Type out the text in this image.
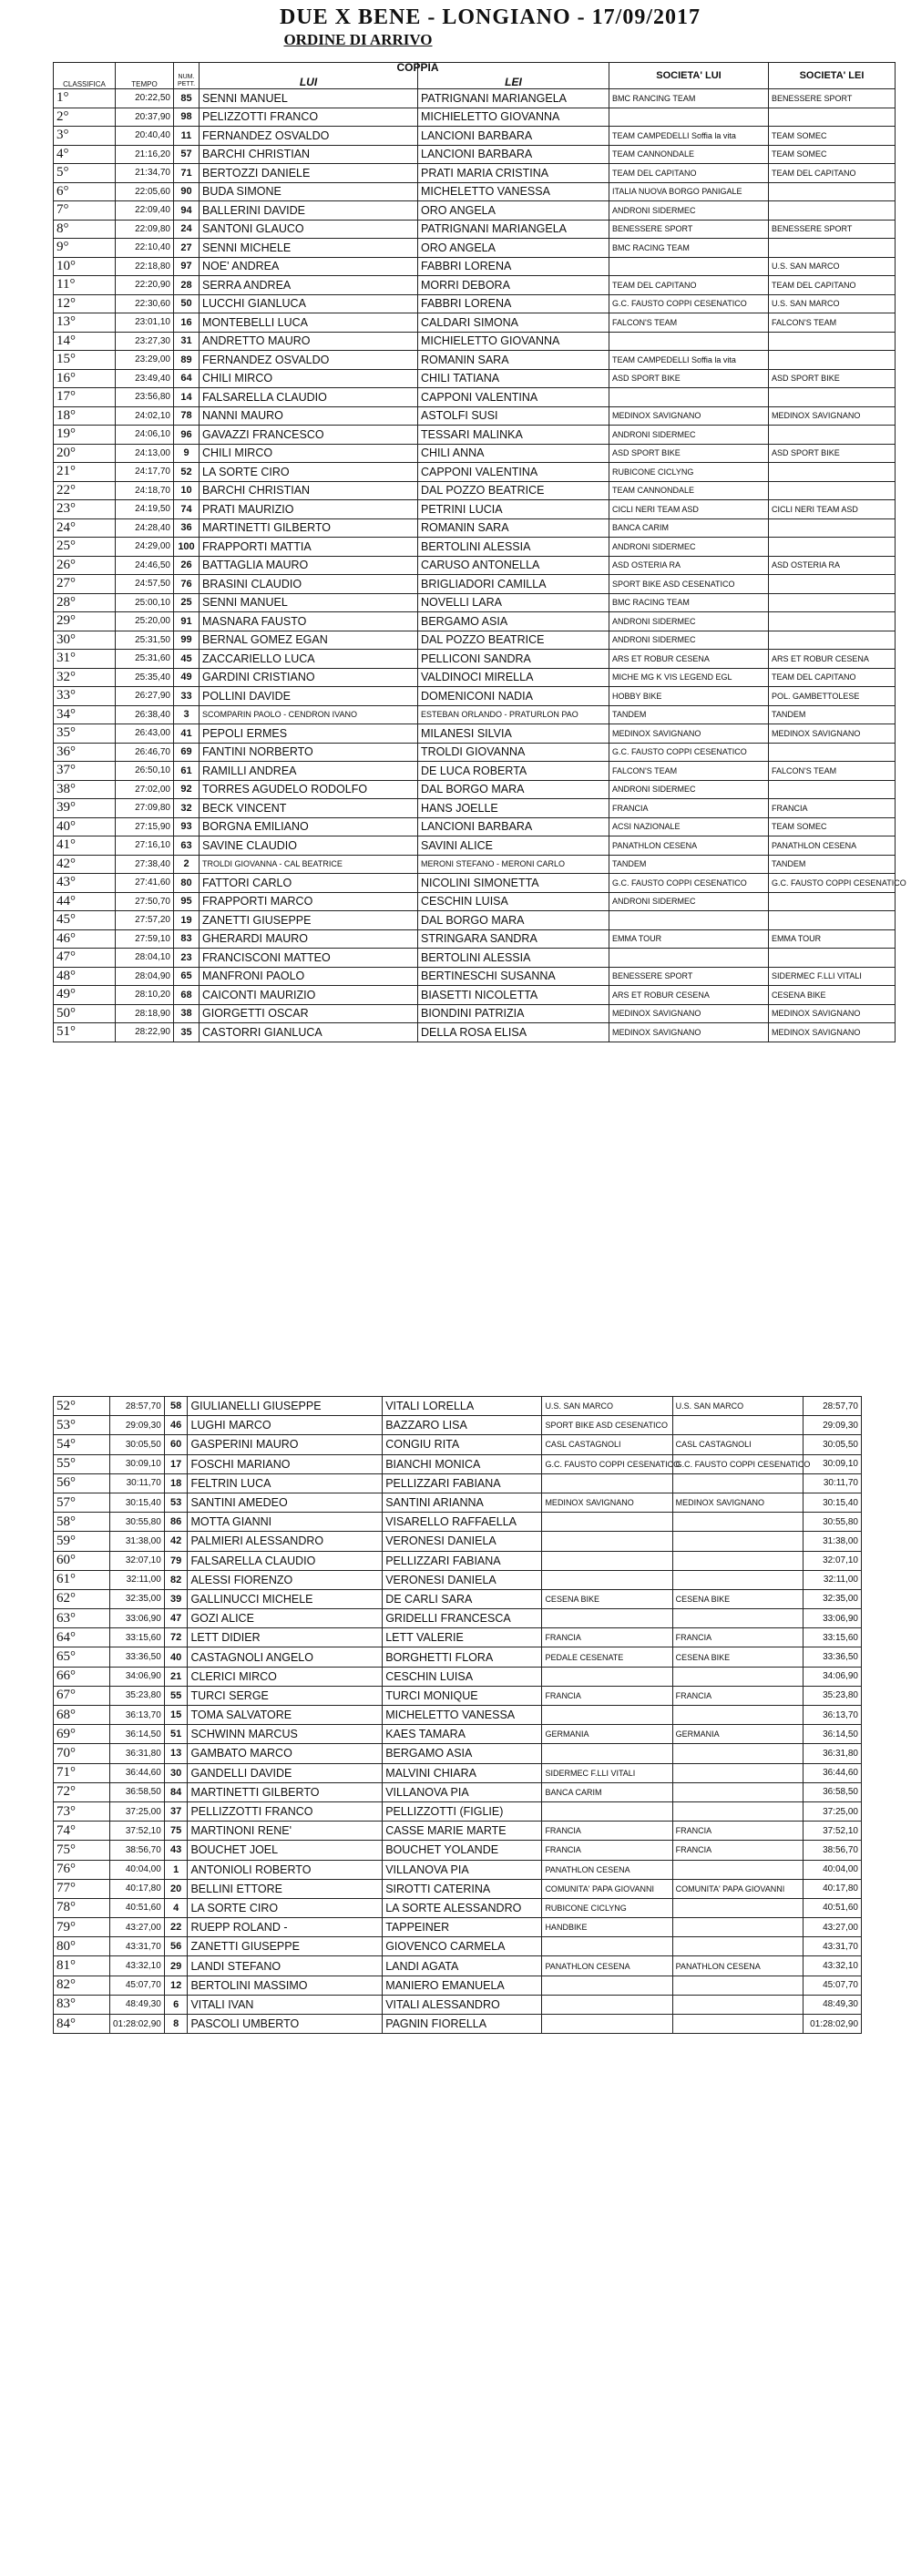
DUE X BENE - LONGIANO - 17/09/2017
ORDINE DI ARRIVO
CLASSIFICA	TEMPO	NUM. PETT.	COPPIA
LUI	LEI	SOCIETA' LUI	SOCIETA' LEI
1°	20:22,50	85	SENNI MANUEL	PATRIGNANI MARIANGELA	BMC RANCING TEAM	BENESSERE SPORT
2°	20:37,90	98	PELIZZOTTI FRANCO	MICHIELETTO GIOVANNA		
3°	20:40,40	11	FERNANDEZ OSVALDO	LANCIONI BARBARA	TEAM CAMPEDELLI Soffia la vita	TEAM SOMEC
4°	21:16,20	57	BARCHI CHRISTIAN	LANCIONI BARBARA	TEAM CANNONDALE	TEAM SOMEC
5°	21:34,70	71	BERTOZZI DANIELE	PRATI MARIA CRISTINA	TEAM DEL CAPITANO	TEAM DEL CAPITANO
6°	22:05,60	90	BUDA SIMONE	MICHELETTO VANESSA	ITALIA NUOVA BORGO PANIGALE	
7°	22:09,40	94	BALLERINI DAVIDE	ORO ANGELA	ANDRONI SIDERMEC	
8°	22:09,80	24	SANTONI GLAUCO	PATRIGNANI MARIANGELA	BENESSERE SPORT	BENESSERE SPORT
9°	22:10,40	27	SENNI MICHELE	ORO ANGELA	BMC RACING TEAM	
10°	22:18,80	97	NOE' ANDREA	FABBRI LORENA		U.S. SAN MARCO
11°	22:20,90	28	SERRA ANDREA	MORRI DEBORA	TEAM DEL CAPITANO	TEAM DEL CAPITANO
12°	22:30,60	50	LUCCHI GIANLUCA	FABBRI LORENA	G.C. FAUSTO COPPI CESENATICO	U.S. SAN MARCO
13°	23:01,10	16	MONTEBELLI LUCA	CALDARI SIMONA	FALCON'S TEAM	FALCON'S TEAM
14°	23:27,30	31	ANDRETTO MAURO	MICHIELETTO GIOVANNA		
15°	23:29,00	89	FERNANDEZ OSVALDO	ROMANIN SARA	TEAM CAMPEDELLI Soffia la vita	
16°	23:49,40	64	CHILI MIRCO	CHILI TATIANA	ASD SPORT BIKE	ASD SPORT BIKE
17°	23:56,80	14	FALSARELLA CLAUDIO	CAPPONI VALENTINA		
18°	24:02,10	78	NANNI MAURO	ASTOLFI SUSI	MEDINOX SAVIGNANO	MEDINOX SAVIGNANO
19°	24:06,10	96	GAVAZZI FRANCESCO	TESSARI MALINKA	ANDRONI SIDERMEC	
20°	24:13,00	9	CHILI MIRCO	CHILI ANNA	ASD SPORT BIKE	ASD SPORT BIKE
21°	24:17,70	52	LA SORTE CIRO	CAPPONI VALENTINA	RUBICONE CICLYNG	
22°	24:18,70	10	BARCHI CHRISTIAN	DAL POZZO BEATRICE	TEAM CANNONDALE	
23°	24:19,50	74	PRATI MAURIZIO	PETRINI LUCIA	CICLI NERI TEAM ASD	CICLI NERI TEAM ASD
24°	24:28,40	36	MARTINETTI GILBERTO	ROMANIN SARA	BANCA CARIM	
25°	24:29,00	100	FRAPPORTI MATTIA	BERTOLINI ALESSIA	ANDRONI SIDERMEC	
26°	24:46,50	26	BATTAGLIA MAURO	CARUSO ANTONELLA	ASD OSTERIA RA	ASD OSTERIA RA
27°	24:57,50	76	BRASINI CLAUDIO	BRIGLIADORI CAMILLA	SPORT BIKE ASD CESENATICO	
28°	25:00,10	25	SENNI MANUEL	NOVELLI LARA	BMC RACING TEAM	
29°	25:20,00	91	MASNARA FAUSTO	BERGAMO ASIA	ANDRONI SIDERMEC	
30°	25:31,50	99	BERNAL GOMEZ EGAN	DAL POZZO BEATRICE	ANDRONI SIDERMEC	
31°	25:31,60	45	ZACCARIELLO LUCA	PELLICONI SANDRA	ARS ET ROBUR CESENA	ARS ET ROBUR CESENA
32°	25:35,40	49	GARDINI CRISTIANO	VALDINOCI MIRELLA	MICHE MG K VIS LEGEND EGL	TEAM DEL CAPITANO
33°	26:27,90	33	POLLINI DAVIDE	DOMENICONI NADIA	HOBBY BIKE	POL. GAMBETTOLESE
34°	26:38,40	3	SCOMPARIN PAOLO - CENDRON IVANO	ESTEBAN ORLANDO - PRATURLON PAO	TANDEM	TANDEM
35°	26:43,00	41	PEPOLI ERMES	MILANESI SILVIA	MEDINOX SAVIGNANO	MEDINOX SAVIGNANO
36°	26:46,70	69	FANTINI NORBERTO	TROLDI GIOVANNA	G.C. FAUSTO COPPI CESENATICO	
37°	26:50,10	61	RAMILLI ANDREA	DE LUCA ROBERTA	FALCON'S TEAM	FALCON'S TEAM
38°	27:02,00	92	TORRES AGUDELO RODOLFO	DAL BORGO MARA	ANDRONI SIDERMEC	
39°	27:09,80	32	BECK VINCENT	HANS JOELLE	FRANCIA	FRANCIA
40°	27:15,90	93	BORGNA EMILIANO	LANCIONI BARBARA	ACSI NAZIONALE	TEAM SOMEC
41°	27:16,10	63	SAVINE CLAUDIO	SAVINI ALICE	PANATHLON CESENA	PANATHLON CESENA
42°	27:38,40	2	TROLDI GIOVANNA - CAL BEATRICE	MERONI STEFANO - MERONI CARLO	TANDEM	TANDEM
43°	27:41,60	80	FATTORI CARLO	NICOLINI SIMONETTA	G.C. FAUSTO COPPI CESENATICO	G.C. FAUSTO COPPI CESENATICO
44°	27:50,70	95	FRAPPORTI MARCO	CESCHIN LUISA	ANDRONI SIDERMEC	
45°	27:57,20	19	ZANETTI GIUSEPPE	DAL BORGO MARA		
46°	27:59,10	83	GHERARDI MAURO	STRINGARA SANDRA	EMMA TOUR	EMMA TOUR
47°	28:04,10	23	FRANCISCONI MATTEO	BERTOLINI ALESSIA		
48°	28:04,90	65	MANFRONI PAOLO	BERTINESCHI SUSANNA	BENESSERE SPORT	SIDERMEC F.LLI VITALI
49°	28:10,20	68	CAICONTI MAURIZIO	BIASETTI NICOLETTA	ARS ET ROBUR CESENA	CESENA BIKE
50°	28:18,90	38	GIORGETTI OSCAR	BIONDINI PATRIZIA	MEDINOX SAVIGNANO	MEDINOX SAVIGNANO
51°	28:22,90	35	CASTORRI GIANLUCA	DELLA ROSA ELISA	MEDINOX SAVIGNANO	MEDINOX SAVIGNANO
52°	28:57,70	58	GIULIANELLI GIUSEPPE	VITALI LORELLA	U.S. SAN MARCO	U.S. SAN MARCO	28:57,70
53°	29:09,30	46	LUGHI MARCO	BAZZARO LISA	SPORT BIKE ASD CESENATICO		29:09,30
54°	30:05,50	60	GASPERINI MAURO	CONGIU RITA	CASL CASTAGNOLI	CASL CASTAGNOLI	30:05,50
55°	30:09,10	17	FOSCHI MARIANO	BIANCHI MONICA	G.C. FAUSTO COPPI CESENATICO	G.C. FAUSTO COPPI CESENATICO	30:09,10
56°	30:11,70	18	FELTRIN LUCA	PELLIZZARI FABIANA			30:11,70
57°	30:15,40	53	SANTINI AMEDEO	SANTINI ARIANNA	MEDINOX SAVIGNANO	MEDINOX SAVIGNANO	30:15,40
58°	30:55,80	86	MOTTA GIANNI	VISARELLO RAFFAELLA			30:55,80
59°	31:38,00	42	PALMIERI ALESSANDRO	VERONESI DANIELA			31:38,00
60°	32:07,10	79	FALSARELLA CLAUDIO	PELLIZZARI FABIANA			32:07,10
61°	32:11,00	82	ALESSI FIORENZO	VERONESI DANIELA			32:11,00
62°	32:35,00	39	GALLINUCCI MICHELE	DE CARLI SARA	CESENA BIKE	CESENA BIKE	32:35,00
63°	33:06,90	47	GOZI ALICE	GRIDELLI FRANCESCA			33:06,90
64°	33:15,60	72	LETT DIDIER	LETT VALERIE	FRANCIA	FRANCIA	33:15,60
65°	33:36,50	40	CASTAGNOLI ANGELO	BORGHETTI FLORA	PEDALE CESENATE	CESENA BIKE	33:36,50
66°	34:06,90	21	CLERICI MIRCO	CESCHIN LUISA			34:06,90
67°	35:23,80	55	TURCI SERGE	TURCI MONIQUE	FRANCIA	FRANCIA	35:23,80
68°	36:13,70	15	TOMA SALVATORE	MICHELETTO VANESSA			36:13,70
69°	36:14,50	51	SCHWINN MARCUS	KAES TAMARA	GERMANIA	GERMANIA	36:14,50
70°	36:31,80	13	GAMBATO MARCO	BERGAMO ASIA			36:31,80
71°	36:44,60	30	GANDELLI DAVIDE	MALVINI CHIARA	SIDERMEC F.LLI VITALI		36:44,60
72°	36:58,50	84	MARTINETTI GILBERTO	VILLANOVA PIA	BANCA CARIM		36:58,50
73°	37:25,00	37	PELLIZZOTTI FRANCO	PELLIZZOTTI (FIGLIE)			37:25,00
74°	37:52,10	75	MARTINONI RENE'	CASSE MARIE MARTE	FRANCIA	FRANCIA	37:52,10
75°	38:56,70	43	BOUCHET JOEL	BOUCHET YOLANDE	FRANCIA	FRANCIA	38:56,70
76°	40:04,00	1	ANTONIOLI ROBERTO	VILLANOVA PIA	PANATHLON CESENA		40:04,00
77°	40:17,80	20	BELLINI ETTORE	SIROTTI CATERINA	COMUNITA' PAPA GIOVANNI	COMUNITA' PAPA GIOVANNI	40:17,80
78°	40:51,60	4	LA SORTE CIRO	LA SORTE ALESSANDRO	RUBICONE CICLYNG		40:51,60
79°	43:27,00	22	RUEPP ROLAND -	TAPPEINER	HANDBIKE		43:27,00
80°	43:31,70	56	ZANETTI GIUSEPPE	GIOVENCO CARMELA			43:31,70
81°	43:32,10	29	LANDI STEFANO	LANDI AGATA	PANATHLON CESENA	PANATHLON CESENA	43:32,10
82°	45:07,70	12	BERTOLINI MASSIMO	MANIERO EMANUELA			45:07,70
83°	48:49,30	6	VITALI IVAN	VITALI ALESSANDRO			48:49,30
84°	01:28:02,90	8	PASCOLI UMBERTO	PAGNIN FIORELLA			01:28:02,90
